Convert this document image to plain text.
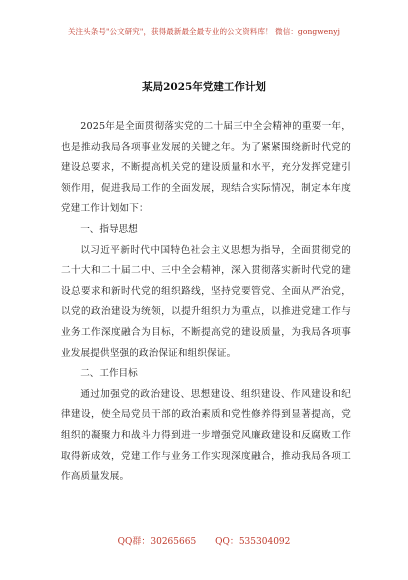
关注头条号"公文研究"，获得最新最全最专业的公文资料库！ 微信：gongwenyj
某局2025年党建工作计划

2025年是全面贯彻落实党的二十届三中全会精神的重要一年，也是推动我局各项事业发展的关键之年。为了紧紧围绕新时代党的建设总要求，不断提高机关党的建设质量和水平，充分发挥党建引领作用，促进我局工作的全面发展，现结合实际情况，制定本年度党建工作计划如下：

一、指导思想

以习近平新时代中国特色社会主义思想为指导，全面贯彻党的二十大和二十届二中、三中全会精神，深入贯彻落实新时代党的建设总要求和新时代党的组织路线，坚持党要管党、全面从严治党，以党的政治建设为统领，以提升组织力为重点，以推进党建工作与业务工作深度融合为目标，不断提高党的建设质量，为我局各项事业发展提供坚强的政治保证和组织保证。

二、工作目标

通过加强党的政治建设、思想建设、组织建设、作风建设和纪律建设，使全局党员干部的政治素质和党性修养得到显著提高，党组织的凝聚力和战斗力得到进一步增强党风廉政建设和反腐败工作取得新成效，党建工作与业务工作实现深度融合，推动我局各项工作高质量发展。

QQ群：30265665 QQ：535304092
